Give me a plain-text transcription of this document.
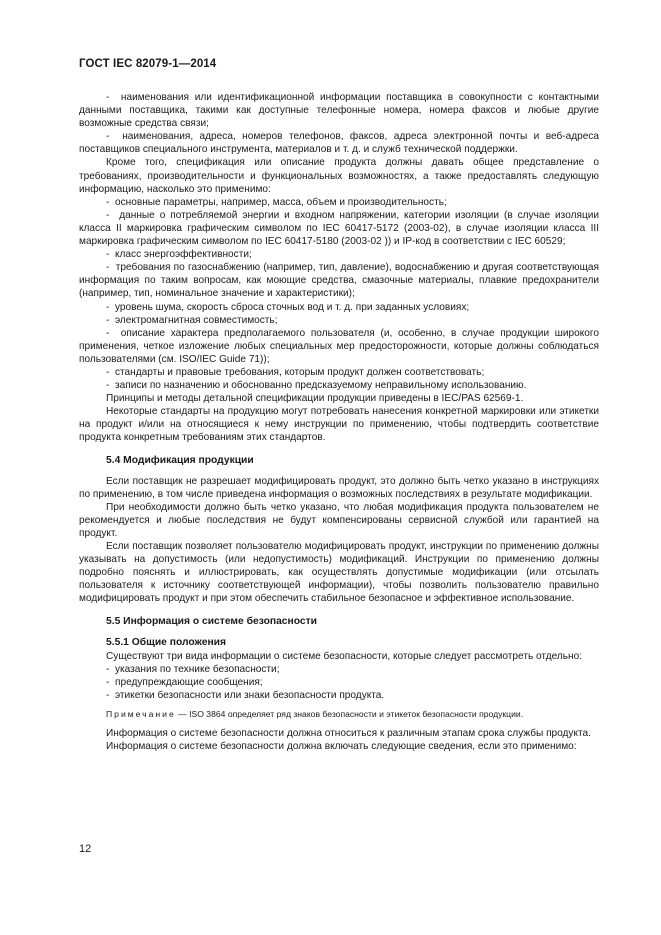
ГОСТ IEC 82079-1—2014

-  наименования или идентификационной информации поставщика в совокупности с контактными данными поставщика, такими как доступные телефонные номера, номера факсов и любые другие возможные средства связи;

-  наименования, адреса, номеров телефонов, факсов, адреса электронной почты и веб-адреса поставщиков специального инструмента, материалов и т. д. и служб технической поддержки.

Кроме того, спецификация или описание продукта должны давать общее представление о требованиях, производительности и функциональных возможностях, а также предоставлять следующую информацию, насколько это применимо:

-  основные параметры, например, масса, объем и производительность;

-  данные о потребляемой энергии и входном напряжении, категории изоляции (в случае изоляции класса II маркировка графическим символом по IEC 60417-5172 (2003-02), в случае изоляции класса III маркировка графическим символом по IEC 60417-5180 (2003-02 )) и IP-код в соответствии с IEC 60529;

-  класс энергоэффективности;

-  требования по газоснабжению (например, тип, давление), водоснабжению и другая соответствующая информация по таким вопросам, как моющие средства, смазочные материалы, плавкие предохранители (например, тип, номинальное значение и характеристики);

-  уровень шума, скорость сброса сточных вод и т. д. при заданных условиях;

-  электромагнитная совместимость;

-  описание характера предполагаемого пользователя (и, особенно, в случае продукции широкого применения, четкое изложение любых специальных мер предосторожности, которые должны соблюдаться пользователями (см. ISO/IEC Guide 71));

-  стандарты и правовые требования, которым продукт должен соответствовать;

-  записи по назначению и обоснованно предсказуемому неправильному использованию.

Принципы и методы детальной спецификации продукции приведены в IEC/PAS 62569-1.

Некоторые стандарты на продукцию могут потребовать нанесения конкретной маркировки или этикетки на продукт и/или на относящиеся к нему инструкции по применению, чтобы подтвердить соответствие продукта конкретным требованиям этих стандартов.

5.4 Модификация продукции

Если поставщик не разрешает модифицировать продукт, это должно быть четко указано в инструкциях по применению, в том числе приведена информация о возможных последствиях в результате модификации.

При необходимости должно быть четко указано, что любая модификация продукта пользователем не рекомендуется и любые последствия не будут компенсированы сервисной службой или гарантией на продукт.

Если поставщик позволяет пользователю модифицировать продукт, инструкции по применению должны указывать на допустимость (или недопустимость) модификаций. Инструкции по применению должны подробно пояснять и иллюстрировать, как осуществлять допустимые модификации (или отсылать пользователя к источнику соответствующей информации), чтобы позволить пользователю правильно модифицировать продукт и при этом обеспечить стабильное безопасное и эффективное использование.

5.5 Информация о системе безопасности

5.5.1 Общие положения

Существуют три вида информации о системе безопасности, которые следует рассмотреть отдельно:

-  указания по технике безопасности;

-  предупреждающие сообщения;

-  этикетки безопасности или знаки безопасности продукта.

Примечание — ISO 3864 определяет ряд знаков безопасности и этикеток безопасности продукции.

Информация о системе безопасности должна относиться к различным этапам срока службы продукта.

Информация о системе безопасности должна включать следующие сведения, если это применимо:

12
